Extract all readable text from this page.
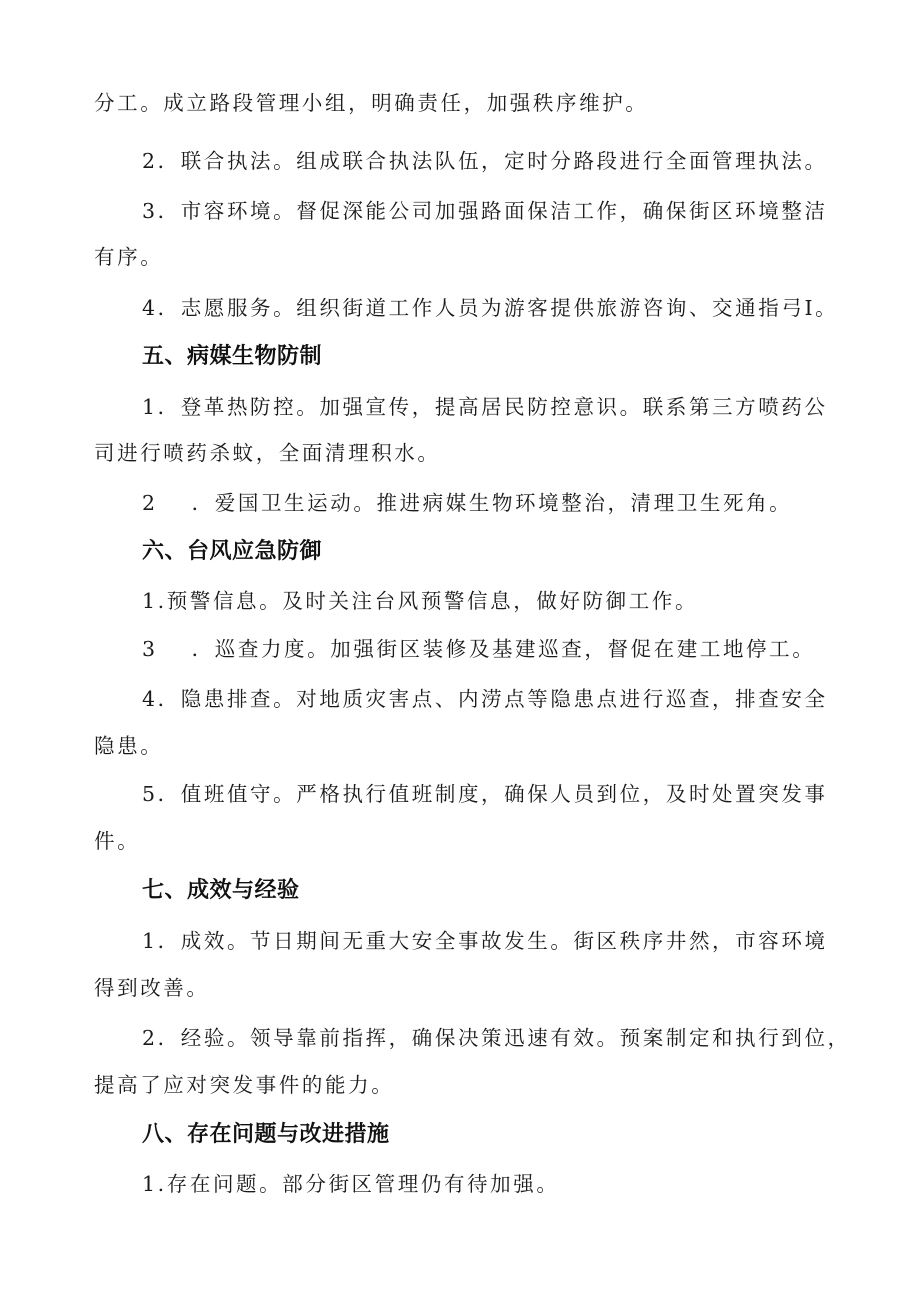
分工。成立路段管理小组，明确责任，加强秩序维护。

2．联合执法。组成联合执法队伍，定时分路段进行全面管理执法。

3．市容环境。督促深能公司加强路面保洁工作，确保街区环境整洁

有序。

4．志愿服务。组织街道工作人员为游客提供旅游咨询、交通指弓I。

五、病媒生物防制

1．登革热防控。加强宣传，提高居民防控意识。联系第三方喷药公

司进行喷药杀蚊，全面清理积水。

2 ．爱国卫生运动。推进病媒生物环境整治，清理卫生死角。

六、台风应急防御

1.预警信息。及时关注台风预警信息，做好防御工作。

3 ．巡查力度。加强街区装修及基建巡查，督促在建工地停工。

4．隐患排查。对地质灾害点、内涝点等隐患点进行巡查，排查安全

隐患。

5．值班值守。严格执行值班制度，确保人员到位，及时处置突发事

件。

七、成效与经验

1．成效。节日期间无重大安全事故发生。街区秩序井然，市容环境

得到改善。

2．经验。领导靠前指挥，确保决策迅速有效。预案制定和执行到位，

提高了应对突发事件的能力。

八、存在问题与改进措施

1.存在问题。部分街区管理仍有待加强。
